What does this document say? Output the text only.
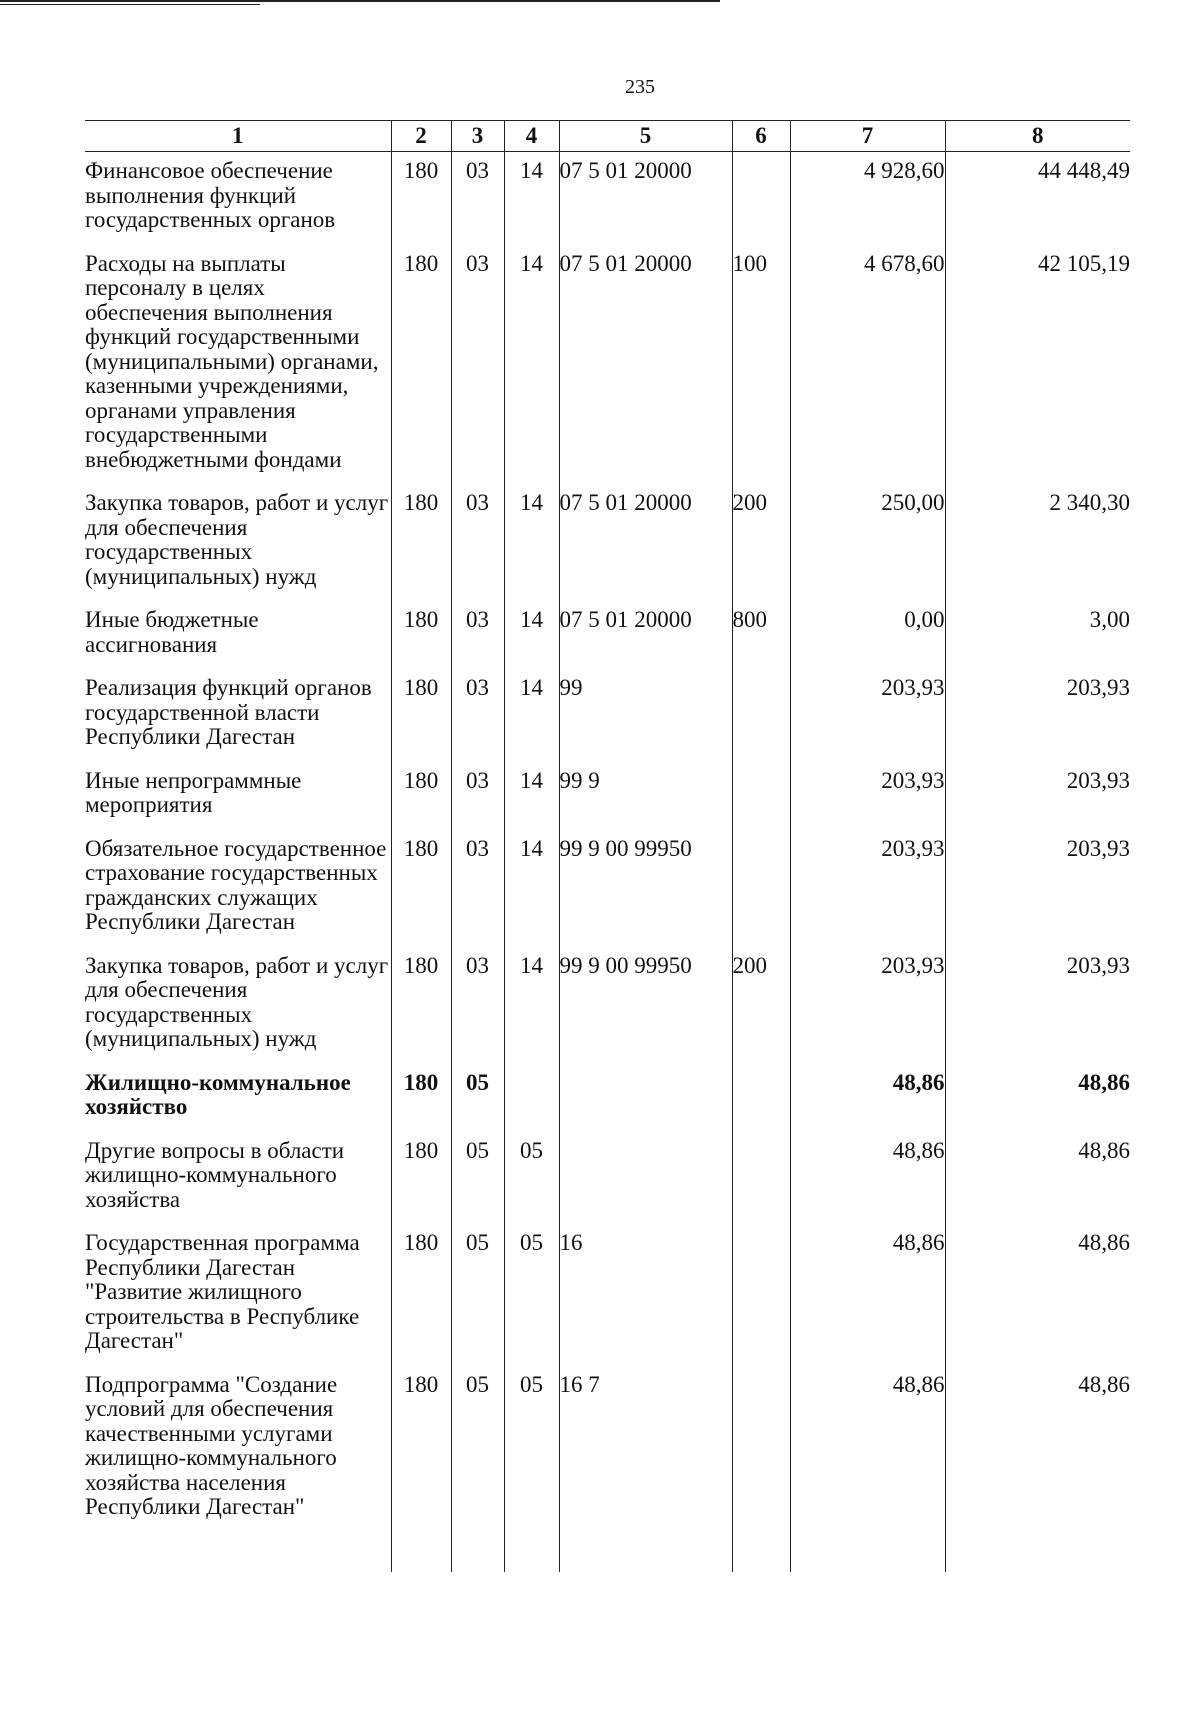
235
1	2	3	4	5	6	7	8
Финансовое обеспечение выполнения функций государственных органов	180	03	14	07 5 01 20000		4 928,60	44 448,49
Расходы на выплаты персоналу в целях обеспечения выполнения функций государственными (муниципальными) органами, казенными учреждениями, органами управления государственными внебюджетными фондами	180	03	14	07 5 01 20000	100	4 678,60	42 105,19
Закупка товаров, работ и услуг для обеспечения государственных (муниципальных) нужд	180	03	14	07 5 01 20000	200	250,00	2 340,30
Иные бюджетные ассигнования	180	03	14	07 5 01 20000	800	0,00	3,00
Реализация функций органов государственной власти Республики Дагестан	180	03	14	99		203,93	203,93
Иные непрограммные мероприятия	180	03	14	99 9		203,93	203,93
Обязательное государственное страхование государственных гражданских служащих Республики Дагестан	180	03	14	99 9 00 99950		203,93	203,93
Закупка товаров, работ и услуг для обеспечения государственных (муниципальных) нужд	180	03	14	99 9 00 99950	200	203,93	203,93
Жилищно-коммунальное хозяйство	180	05				48,86	48,86
Другие вопросы в области жилищно-коммунального хозяйства	180	05	05			48,86	48,86
Государственная программа Республики Дагестан "Развитие жилищного строительства в Республике Дагестан"	180	05	05	16		48,86	48,86
Подпрограмма "Создание условий для обеспечения качественными услугами жилищно-коммунального хозяйства населения Республики Дагестан"	180	05	05	16 7		48,86	48,86
